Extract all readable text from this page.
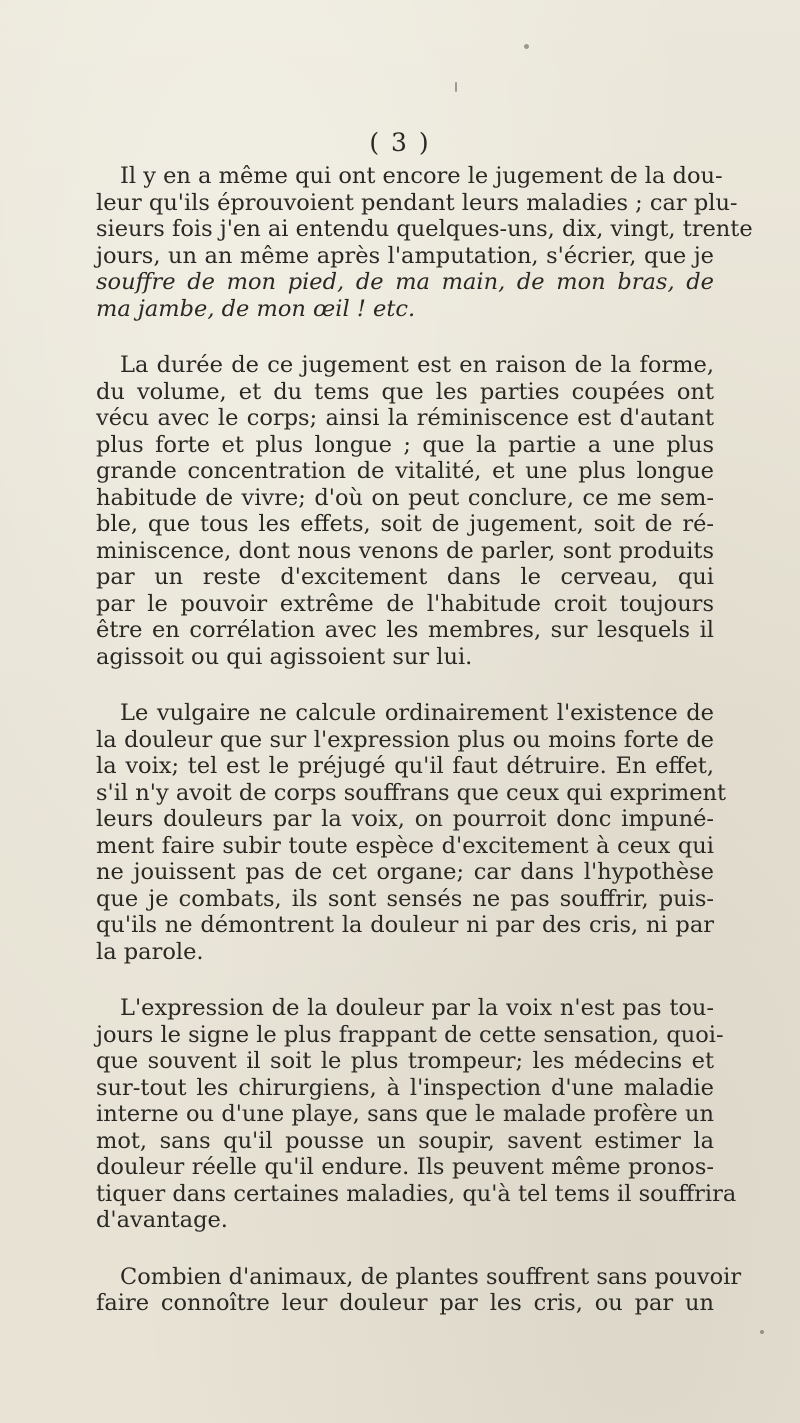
( 3 )

Il y en a même qui ont encore le jugement de la dou-
leur qu'ils éprouvoient pendant leurs maladies ; car plu-
sieurs fois j'en ai entendu quelques-uns, dix, vingt, trente
jours, un an même après l'amputation, s'écrier, que je
souffre de mon pied, de ma main, de mon bras, de
ma jambe, de mon œil ! etc.

La durée de ce jugement est en raison de la forme,
du volume, et du tems que les parties coupées ont
vécu avec le corps; ainsi la réminiscence est d'autant
plus forte et plus longue ; que la partie a une plus
grande concentration de vitalité, et une plus longue
habitude de vivre; d'où on peut conclure, ce me sem-
ble, que tous les effets, soit de jugement, soit de ré-
miniscence, dont nous venons de parler, sont produits
par un reste d'excitement dans le cerveau, qui
par le pouvoir extrême de l'habitude croit toujours
être en corrélation avec les membres, sur lesquels il
agissoit ou qui agissoient sur lui.

Le vulgaire ne calcule ordinairement l'existence de
la douleur que sur l'expression plus ou moins forte de
la voix; tel est le préjugé qu'il faut détruire. En effet,
s'il n'y avoit de corps souffrans que ceux qui expriment
leurs douleurs par la voix, on pourroit donc impuné-
ment faire subir toute espèce d'excitement à ceux qui
ne jouissent pas de cet organe; car dans l'hypothèse
que je combats, ils sont sensés ne pas souffrir, puis-
qu'ils ne démontrent la douleur ni par des cris, ni par
la parole.

L'expression de la douleur par la voix n'est pas tou-
jours le signe le plus frappant de cette sensation, quoi-
que souvent il soit le plus trompeur; les médecins et
sur-tout les chirurgiens, à l'inspection d'une maladie
interne ou d'une playe, sans que le malade profère un
mot, sans qu'il pousse un soupir, savent estimer la
douleur réelle qu'il endure. Ils peuvent même pronos-
tiquer dans certaines maladies, qu'à tel tems il souffrira
d'avantage.

Combien d'animaux, de plantes souffrent sans pouvoir
faire connoître leur douleur par les cris, ou par un
